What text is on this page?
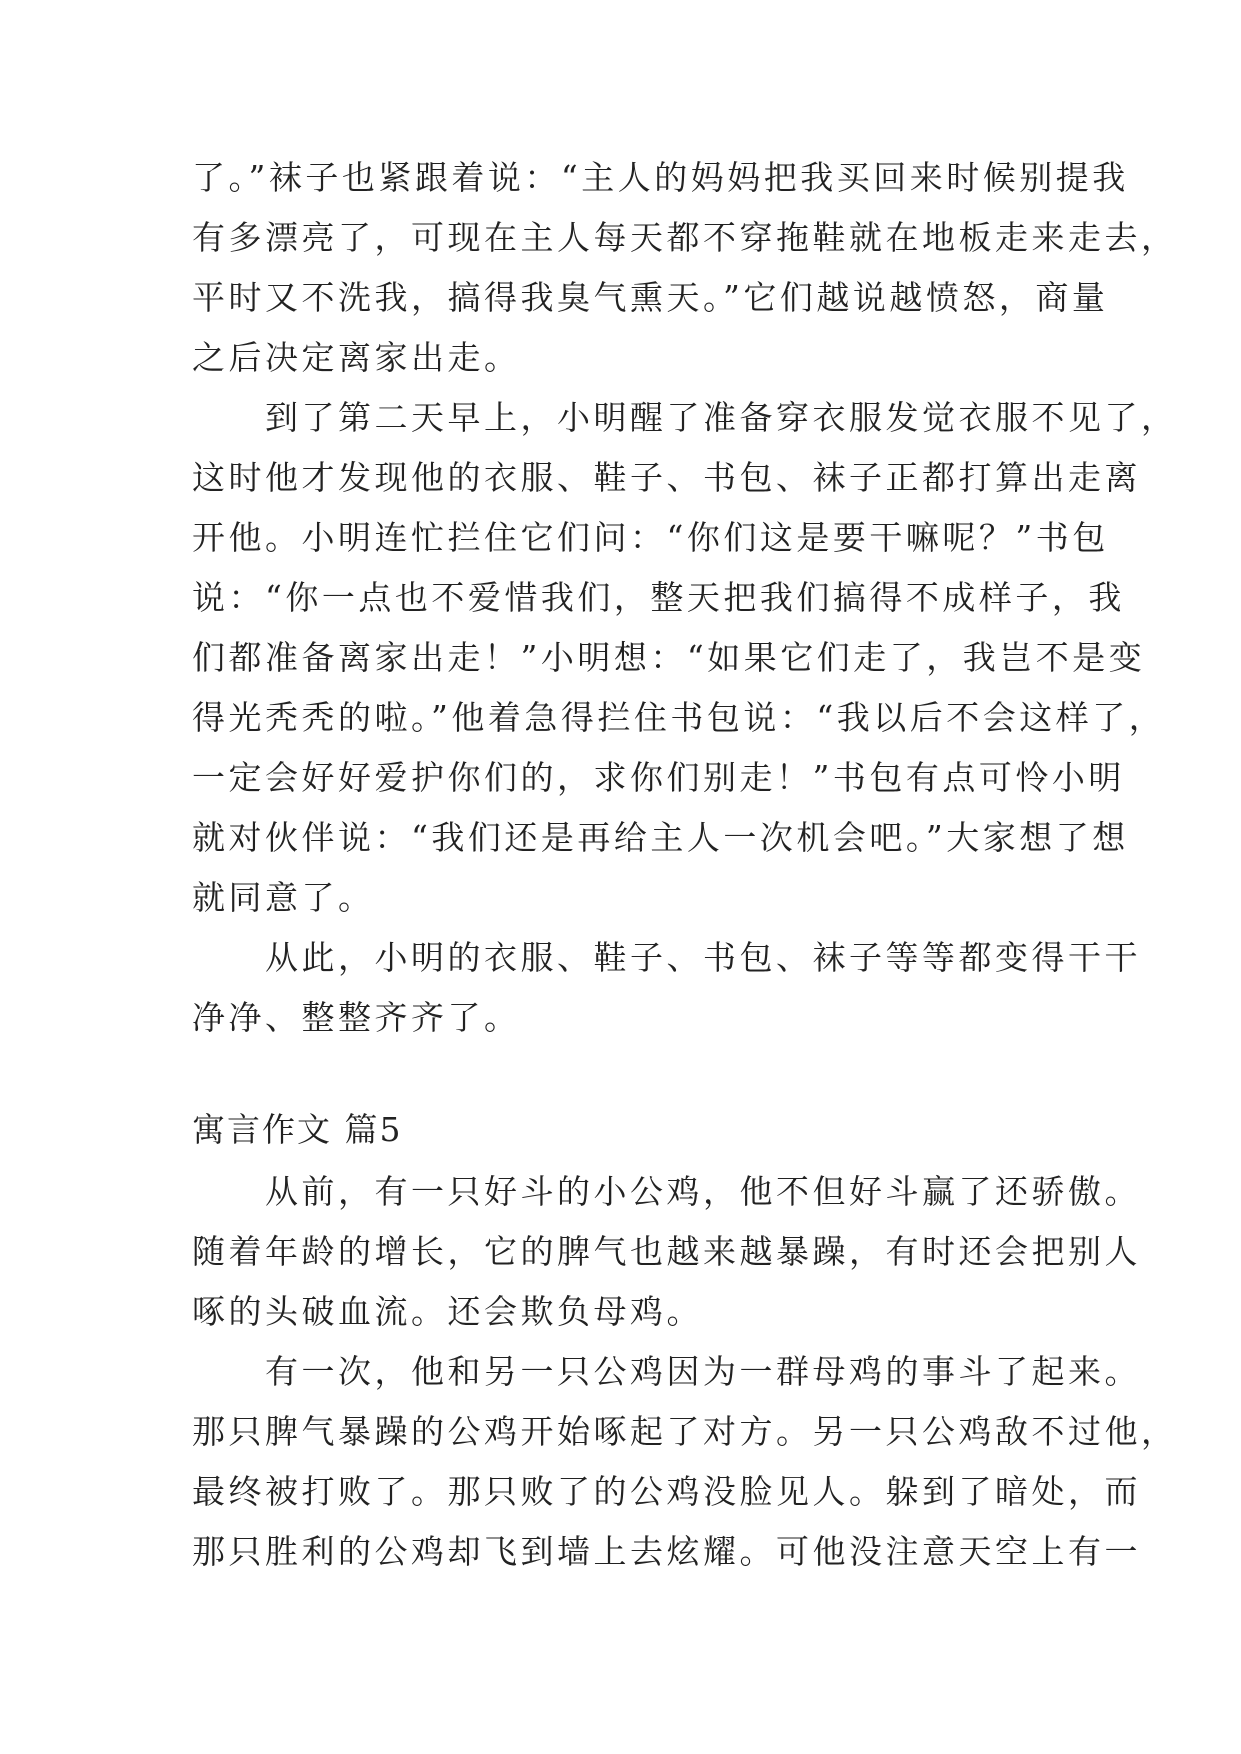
了。”袜子也紧跟着说：“主人的妈妈把我买回来时候别提我
有多漂亮了，可现在主人每天都不穿拖鞋就在地板走来走去，
平时又不洗我，搞得我臭气熏天。”它们越说越愤怒，商量
之后决定离家出走。
　　到了第二天早上，小明醒了准备穿衣服发觉衣服不见了，
这时他才发现他的衣服、鞋子、书包、袜子正都打算出走离
开他。小明连忙拦住它们问：“你们这是要干嘛呢？”书包
说：“你一点也不爱惜我们，整天把我们搞得不成样子，我
们都准备离家出走！”小明想：“如果它们走了，我岂不是变
得光秃秃的啦。”他着急得拦住书包说：“我以后不会这样了，
一定会好好爱护你们的，求你们别走！”书包有点可怜小明
就对伙伴说：“我们还是再给主人一次机会吧。”大家想了想
就同意了。
　　从此，小明的衣服、鞋子、书包、袜子等等都变得干干
净净、整整齐齐了。
寓言作文 篇5
　　从前，有一只好斗的小公鸡，他不但好斗赢了还骄傲。
随着年龄的增长，它的脾气也越来越暴躁，有时还会把别人
啄的头破血流。还会欺负母鸡。
　　有一次，他和另一只公鸡因为一群母鸡的事斗了起来。
那只脾气暴躁的公鸡开始啄起了对方。另一只公鸡敌不过他，
最终被打败了。那只败了的公鸡没脸见人。躲到了暗处，而
那只胜利的公鸡却飞到墙上去炫耀。可他没注意天空上有一
